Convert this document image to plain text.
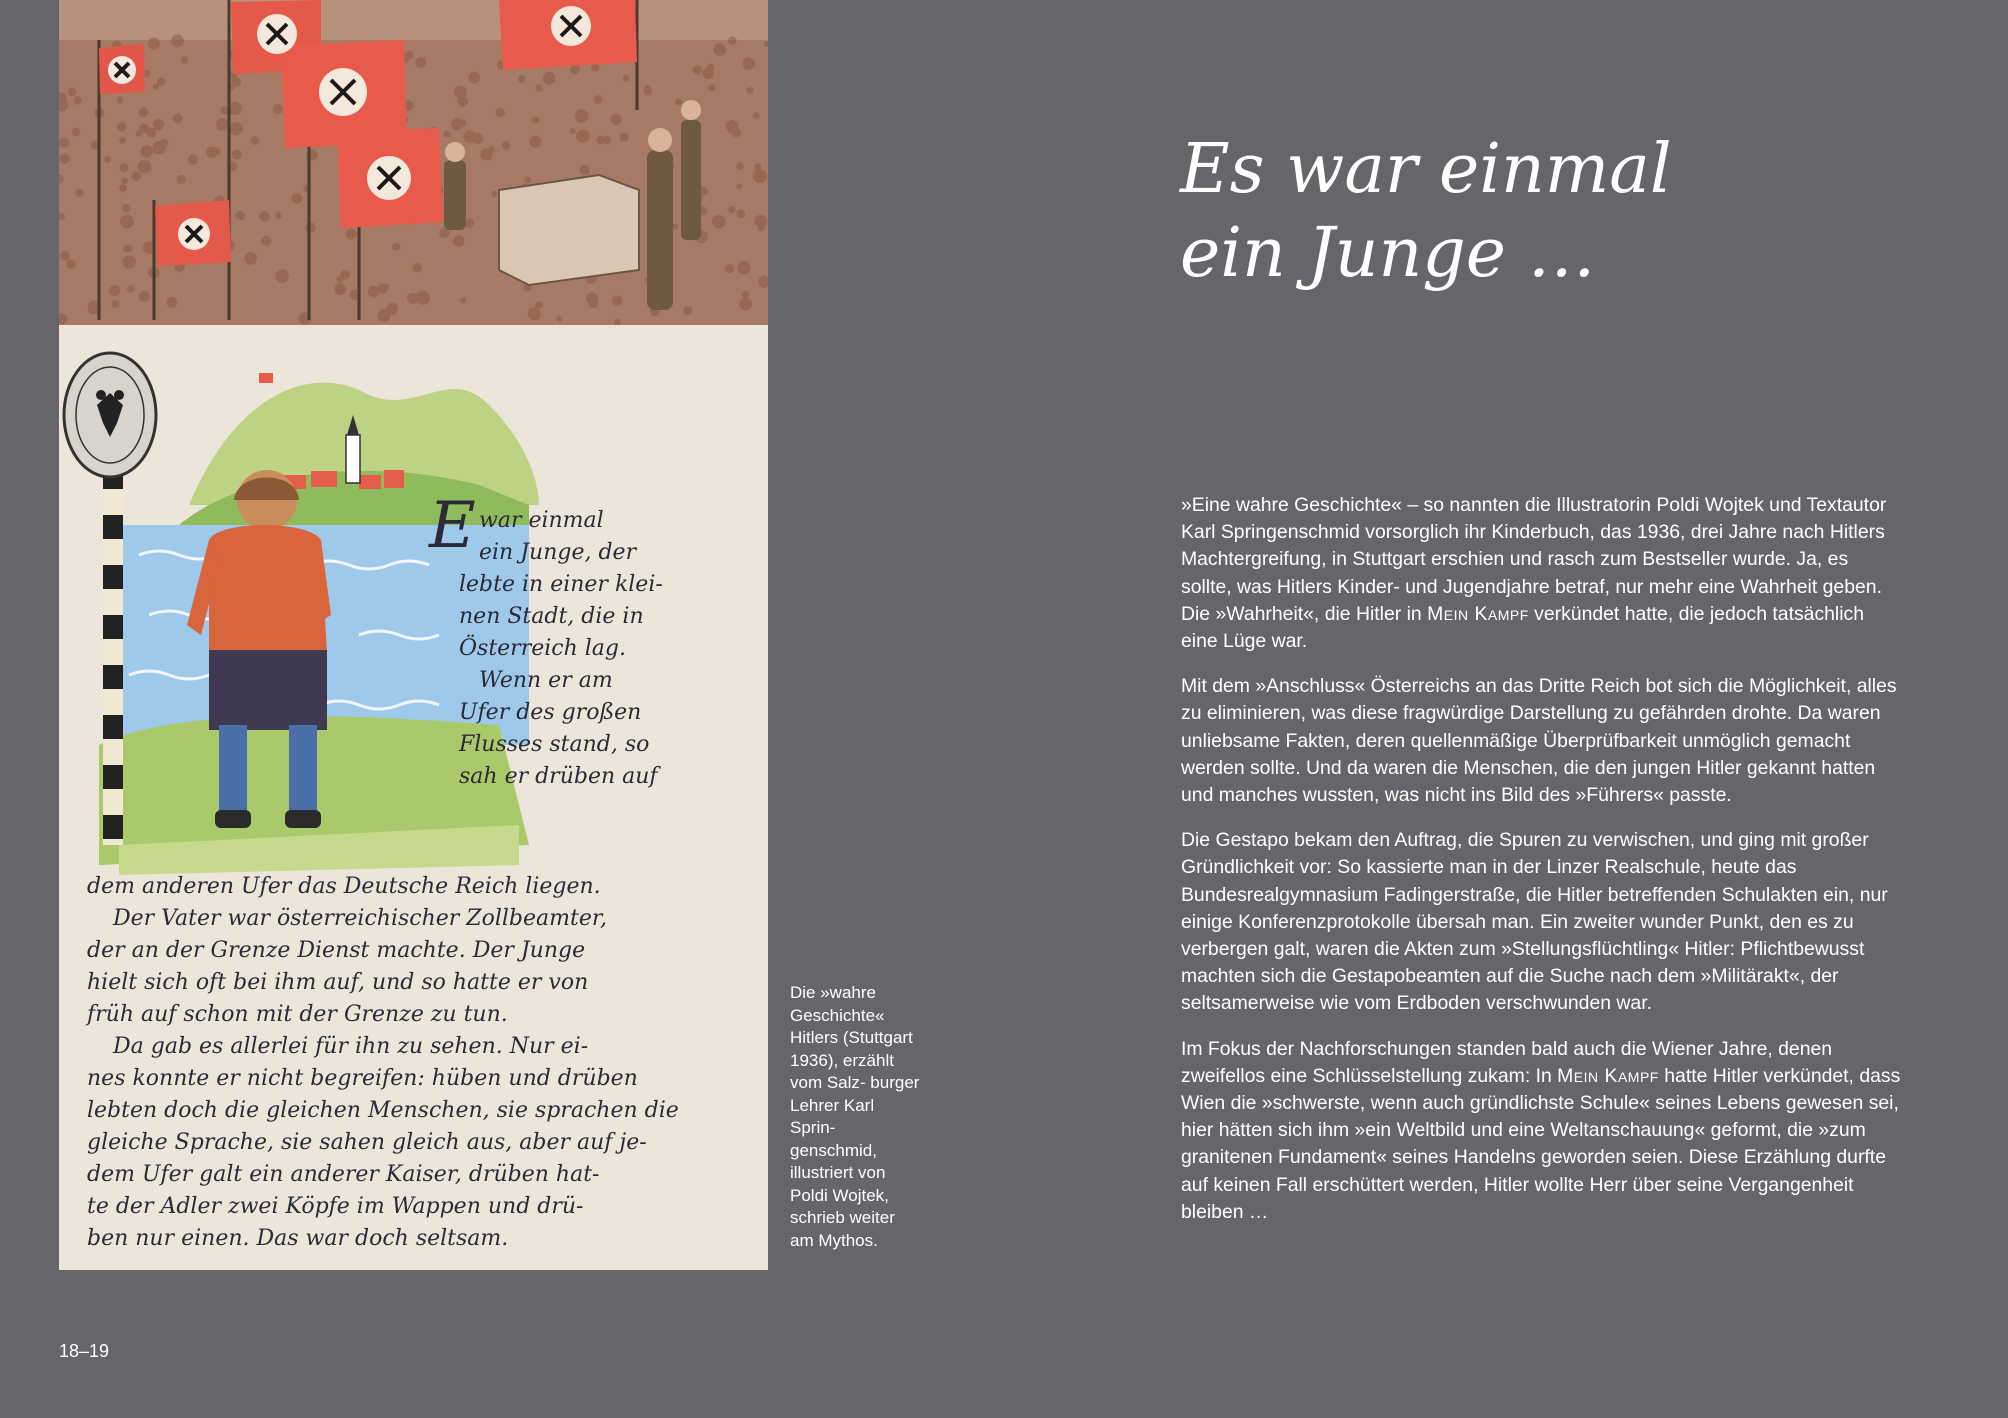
E war einmal
ein Junge, der
lebte in einer klei-
nen Stadt, die in
Österreich lag.
Wenn er am
Ufer des großen
Flusses stand, so
sah er drüben auf
dem anderen Ufer das Deutsche Reich liegen.
Der Vater war österreichischer Zollbeamter,
der an der Grenze Dienst machte. Der Junge
hielt sich oft bei ihm auf, und so hatte er von
früh auf schon mit der Grenze zu tun.
Da gab es allerlei für ihn zu sehen. Nur ei-
nes konnte er nicht begreifen: hüben und drüben
lebten doch die gleichen Menschen, sie sprachen die
gleiche Sprache, sie sahen gleich aus, aber auf je-
dem Ufer galt ein anderer Kaiser, drüben hat-
te der Adler zwei Köpfe im Wappen und drü-
ben nur einen. Das war doch seltsam.

Die »wahre Geschichte« Hitlers (Stuttgart 1936), erzählt vom Salz- burger Lehrer Karl Sprin- genschmid, illustriert von Poldi Wojtek, schrieb weiter am Mythos.

18–19

Es war einmal
ein Junge …

»Eine wahre Geschichte« – so nannten die Illustratorin Poldi Wojtek und Textautor Karl Springenschmid vorsorglich ihr Kinderbuch, das 1936, drei Jahre nach Hitlers Machtergreifung, in Stuttgart erschien und rasch zum Bestseller wurde. Ja, es sollte, was Hitlers Kinder- und Jugendjahre betraf, nur mehr eine Wahrheit geben. Die »Wahrheit«, die Hitler in Mein Kampf verkündet hatte, die jedoch tatsächlich eine Lüge war.

Mit dem »Anschluss« Österreichs an das Dritte Reich bot sich die Möglichkeit, alles zu eliminieren, was diese fragwürdige Darstellung zu gefährden drohte. Da waren unliebsame Fakten, deren quellenmäßige Überprüfbarkeit unmöglich gemacht werden sollte. Und da waren die Menschen, die den jungen Hitler gekannt hatten und manches wussten, was nicht ins Bild des »Führers« passte.

Die Gestapo bekam den Auftrag, die Spuren zu verwischen, und ging mit großer Gründlichkeit vor: So kassierte man in der Linzer Realschule, heute das Bundesrealgymnasium Fadingerstraße, die Hitler betreffenden Schulakten ein, nur einige Konferenzprotokolle übersah man. Ein zweiter wunder Punkt, den es zu verbergen galt, waren die Akten zum »Stellungsflüchtling« Hitler: Pflichtbewusst machten sich die Gestapobeamten auf die Suche nach dem »Militärakt«, der seltsamerweise wie vom Erdboden verschwunden war.

Im Fokus der Nachforschungen standen bald auch die Wiener Jahre, denen zweifellos eine Schlüsselstellung zukam: In Mein Kampf hatte Hitler verkündet, dass Wien die »schwerste, wenn auch gründlichste Schule« seines Lebens gewesen sei, hier hätten sich ihm »ein Weltbild und eine Weltanschauung« geformt, die »zum granitenen Fundament« seines Handelns geworden seien. Diese Erzählung durfte auf keinen Fall erschüttert werden, Hitler wollte Herr über seine Vergangenheit bleiben …
